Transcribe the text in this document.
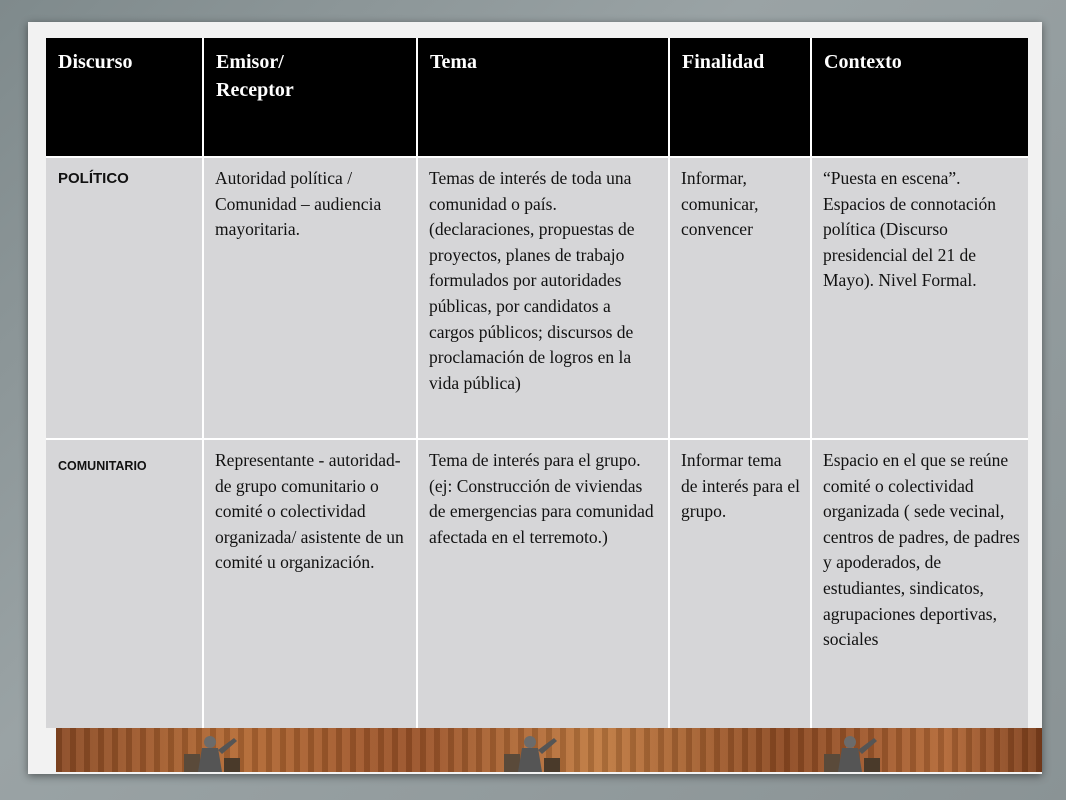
Discurso	Emisor/
Receptor	Tema	Finalidad	Contexto
POLÍTICO	Autoridad política / Comunidad – audiencia mayoritaria.	Temas de interés de toda una comunidad o país. (declaraciones, propuestas de proyectos, planes de trabajo formulados por autoridades públicas, por candidatos a cargos públicos; discursos de proclamación de logros en la vida pública)	Informar, comunicar, convencer	“Puesta en escena”. Espacios de connotación política (Discurso presidencial del 21 de Mayo). Nivel Formal.
COMUNITARIO	Representante - autoridad- de grupo comunitario o comité o colectividad organizada/ asistente de un comité u organización.	Tema de interés para el grupo. (ej: Construcción de viviendas de emergencias para comunidad afectada en el terremoto.)	Informar tema de interés para el grupo.	Espacio en el que se reúne comité o colectividad organizada ( sede vecinal, centros de padres, de padres y apoderados, de estudiantes, sindicatos, agrupaciones deportivas, sociales
